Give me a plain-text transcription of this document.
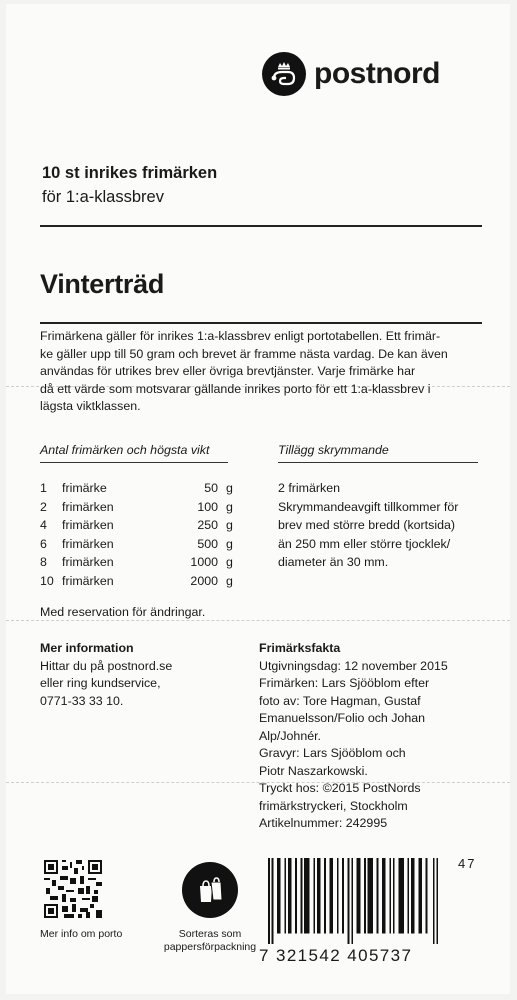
postnord
10 st inrikes frimärken
för 1:a-klassbrev
Vinterträd
Frimärkena gäller för inrikes 1:a-klassbrev enligt portotabellen. Ett frimär-
ke gäller upp till 50 gram och brevet är framme nästa vardag. De kan även
användas för utrikes brev eller övriga brevtjänster. Varje frimärke har
då ett värde som motsvarar gällande inrikes porto för ett 1:a-klassbrev i
lägsta viktklassen.
Antal frimärken och högsta vikt
1	frimärke	50	g
2	frimärken	100	g
4	frimärken	250	g
6	frimärken	500	g
8	frimärken	1000	g
10	frimärken	2000	g
Tillägg skrymmande
2 frimärken
Skrymmandeavgift tillkommer för
brev med större bredd (kortsida)
än 250 mm eller större tjocklek/
diameter än 30 mm.
Med reservation för ändringar.
Mer information
Hittar du på postnord.se
eller ring kundservice,
0771-33 33 10.
Frimärksfakta
Utgivningsdag: 12 november 2015
Frimärken: Lars Sjööblom efter
foto av: Tore Hagman, Gustaf
Emanuelsson/Folio och Johan
Alp/Johnér.
Gravyr: Lars Sjööblom och
Piotr Naszarkowski.
Tryckt hos: ©2015 PostNords
frimärkstryckeri, Stockholm
Artikelnummer: 242995
Mer info om porto	Sorteras som
pappersförpackning
47
7 321542 405737
